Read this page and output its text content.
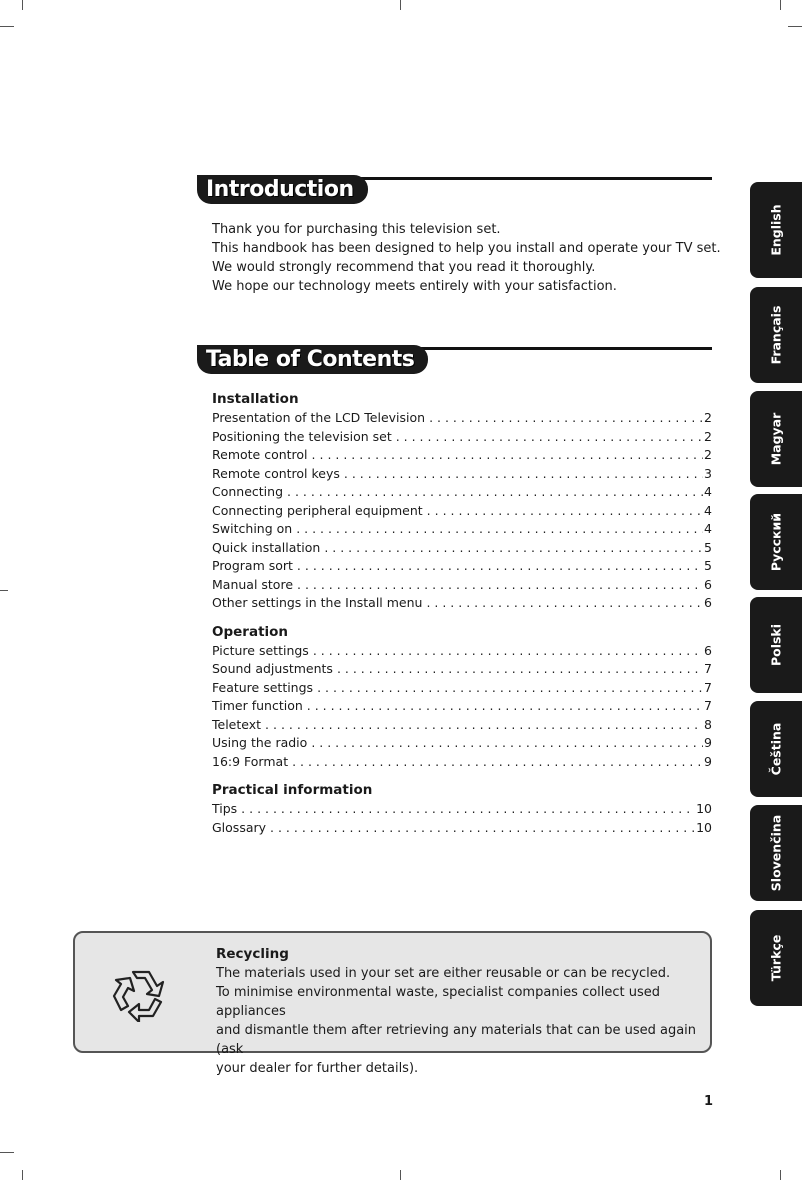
Introduction

Thank you for purchasing this television set.

This handbook has been designed to help you install and operate your TV set.

We would strongly recommend that you read it thoroughly.

We hope our technology meets entirely with your satisfaction.

Table of Contents
Installation
Presentation of the LCD Television . . .	2
Positioning the television set . . .	2
Remote control . . .	2
Remote control keys . . .	3
Connecting . . .	4
Connecting peripheral equipment . . .	4
Switching on . . .	4
Quick installation . . .	5
Program sort . . .	5
Manual store . . .	6
Other settings in the Install menu . . .	6
Operation
Picture settings . . .	6
Sound adjustments . . .	7
Feature settings . . .	7
Timer function . . .	7
Teletext . . .	8
Using the radio . . .	9
16:9 Format . . .	9
Practical information
Tips . . .	10
Glossary . . .	10
English
Français
Magyar
Русский
Polski
Čeština
Slovenčina
Türkçe
Recycling
The materials used in your set are either reusable or can be recycled.
To minimise environmental waste, specialist companies collect used appliances
and dismantle them after retrieving any materials that can be used again (ask
your dealer for further details).
1
